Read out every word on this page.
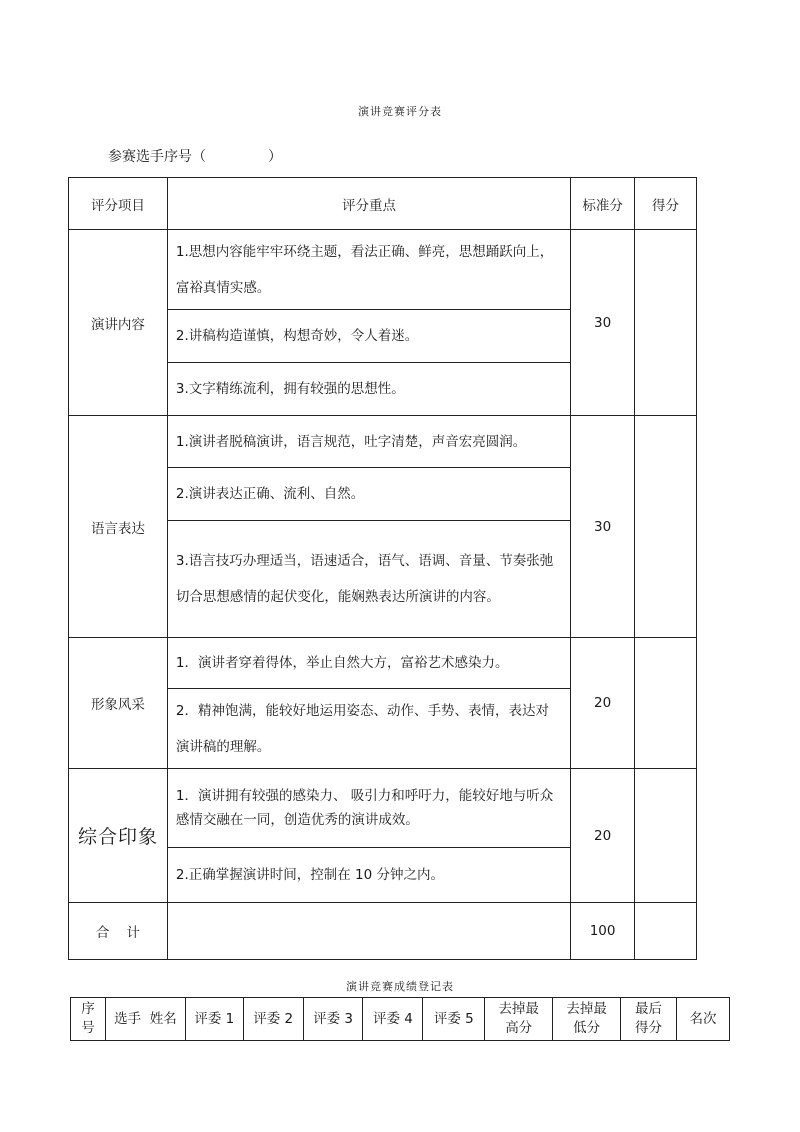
演讲竞赛评分表
参赛选手序号（	）
评分项目	评分重点	标准分	得分
演讲内容	1.思想内容能牢牢环绕主题，看法正确、鲜亮，思想踊跃向上，富裕真情实感。	30	
	2.讲稿构造谨慎，构想奇妙，令人着迷。		
	3.文字精练流利，拥有较强的思想性。		
语言表达	1.演讲者脱稿演讲，语言规范，吐字清楚，声音宏亮圆润。	30	
	2.演讲表达正确、流利、自然。		
	3.语言技巧办理适当，语速适合，语气、语调、音量、节奏张弛切合思想感情的起伏变化，能娴熟表达所演讲的内容。		
形象风采	1．演讲者穿着得体，举止自然大方，富裕艺术感染力。	20	
	2．精神饱满，能较好地运用姿态、动作、手势、表情，表达对演讲稿的理解。		
综合印象	1．演讲拥有较强的感染力、 吸引力和呼吁力，能较好地与听众感情交融在一同，创造优秀的演讲成效。	20	
	2.正确掌握演讲时间，控制在 10 分钟之内。		
合    计		100	
演讲竞赛成绩登记表
序号	选手  姓名	评委 1	评委 2	评委 3	评委 4	评委 5	去掉最高分	去掉最低分	最后得分	名次
